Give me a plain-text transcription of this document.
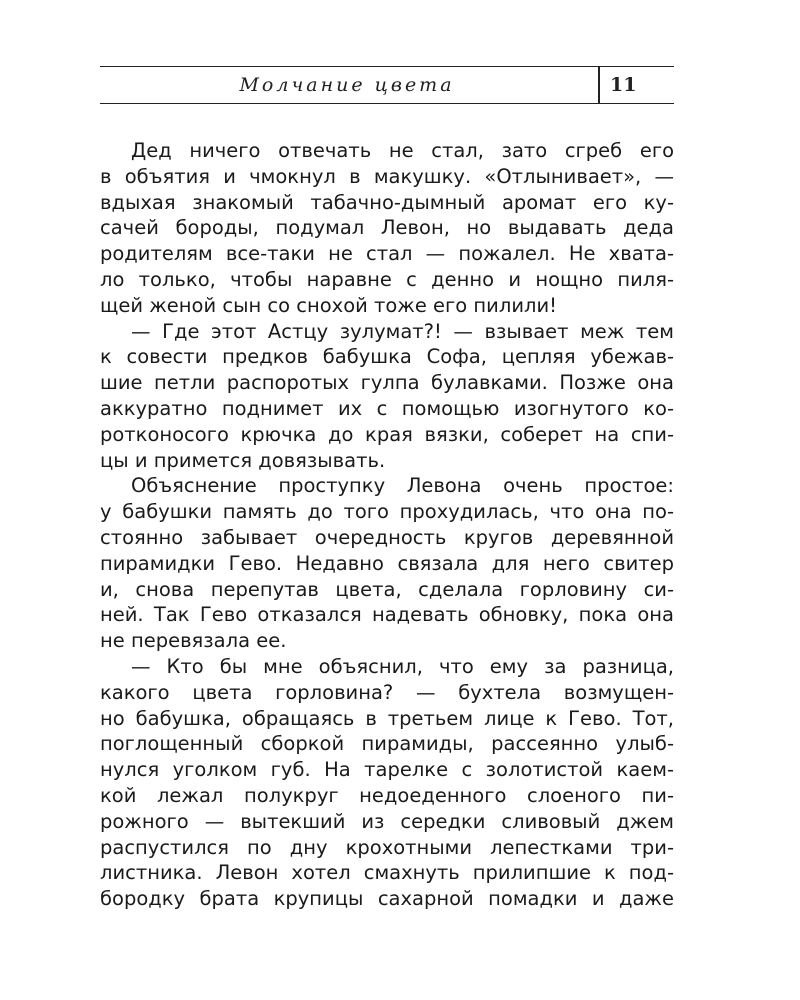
Молчание цвета	11
Дед ничего отвечать не стал, зато сгреб его
в объятия и чмокнул в макушку. «Отлынивает», —
вдыхая знакомый табачно-дымный аромат его ку-
сачей бороды, подумал Левон, но выдавать деда
родителям все-таки не стал — пожалел. Не хвата-
ло только, чтобы наравне с денно и нощно пиля-
щей женой сын со снохой тоже его пилили!
— Где этот Астцу зулумат?! — взывает меж тем
к совести предков бабушка Софа, цепляя убежав-
шие петли распоротых гулпа булавками. Позже она
аккуратно поднимет их с помощью изогнутого ко-
ротконосого крючка до края вязки, соберет на спи-
цы и примется довязывать.
Объяснение проступку Левона очень простое:
у бабушки память до того прохудилась, что она по-
стоянно забывает очередность кругов деревянной
пирамидки Гево. Недавно связала для него свитер
и, снова перепутав цвета, сделала горловину си-
ней. Так Гево отказался надевать обновку, пока она
не перевязала ее.
— Кто бы мне объяснил, что ему за разница,
какого цвета горловина? — бухтела возмущен-
но бабушка, обращаясь в третьем лице к Гево. Тот,
поглощенный сборкой пирамиды, рассеянно улыб-
нулся уголком губ. На тарелке с золотистой каем-
кой лежал полукруг недоеденного слоеного пи-
рожного — вытекший из середки сливовый джем
распустился по дну крохотными лепестками три-
листника. Левон хотел смахнуть прилипшие к под-
бородку брата крупицы сахарной помадки и даже
